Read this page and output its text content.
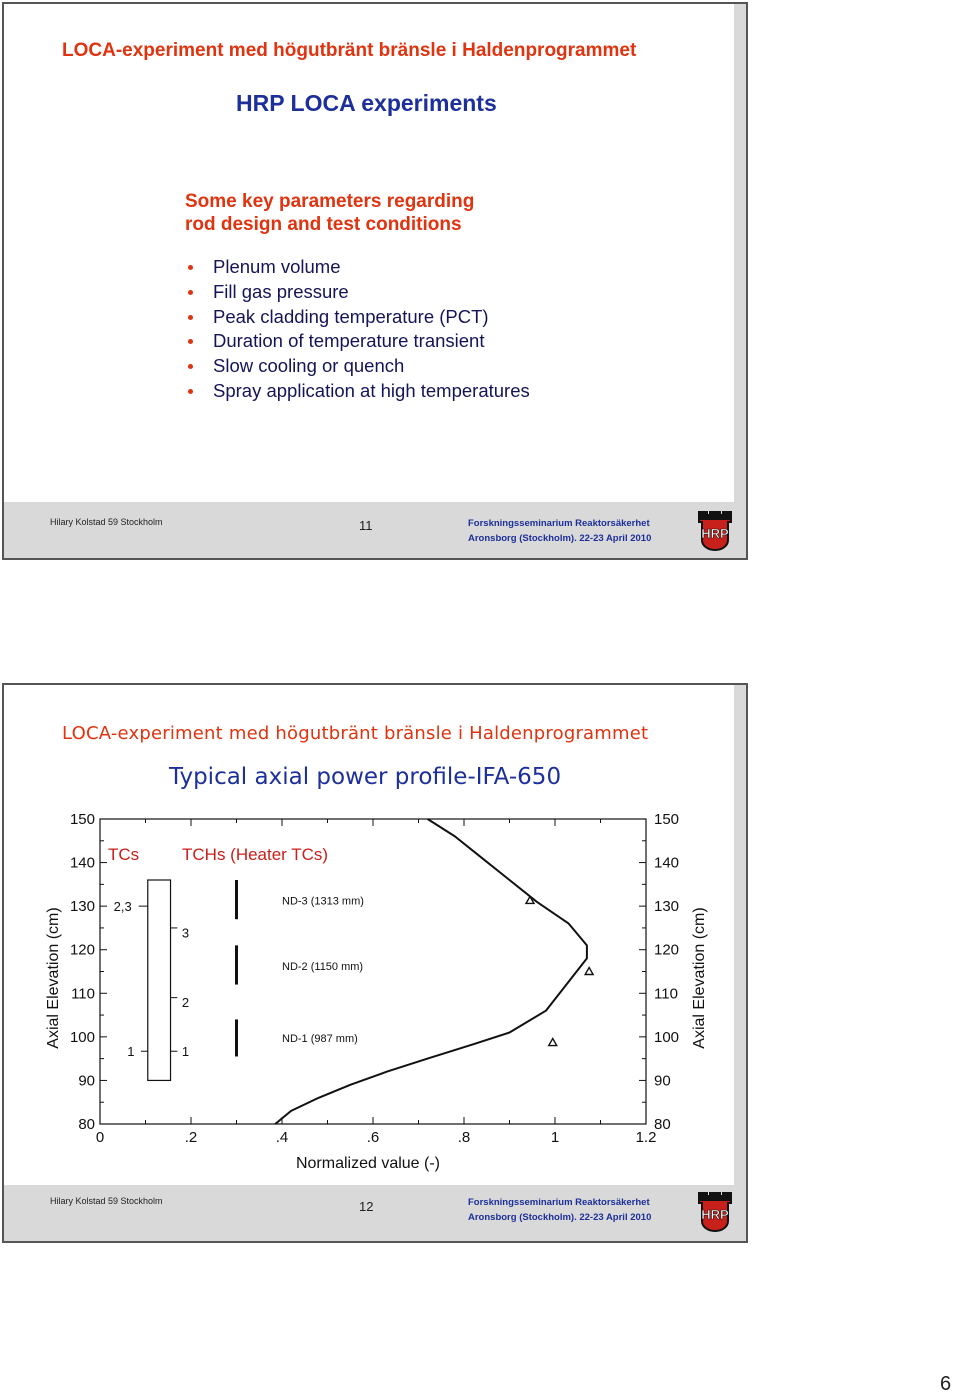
LOCA-experiment med högutbränt bränsle i Haldenprogrammet
HRP LOCA experiments

Some key parameters regarding
rod design and test conditions

Plenum volume
Fill gas pressure
Peak cladding temperature (PCT)
Duration of temperature transient
Slow cooling or quench
Spray application at high temperatures
Hilary Kolstad 59 Stockholm	11	Forskningsseminarium Reaktorsäkerhet
Aronsborg (Stockholm). 22-23 April 2010	HRP
LOCA-experiment med högutbränt bränsle i Haldenprogrammet
Typical axial power profile-IFA-650
80	80
90	90
100	100
110	110
120	120
130	130
140	140
150	150
0	.2	.4	.6	.8	1	1.2
TCs	TCHs (Heater TCs)
ND-3 (1313 mm)
ND-2 (1150 mm)
ND-1 (987 mm)
2,3
1
3
2
1
Normalized value (-)
Axial Elevation (cm)	Axial Elevation (cm)
Hilary Kolstad 59 Stockholm	12	Forskningsseminarium Reaktorsäkerhet
Aronsborg (Stockholm). 22-23 April 2010	HRP
6
